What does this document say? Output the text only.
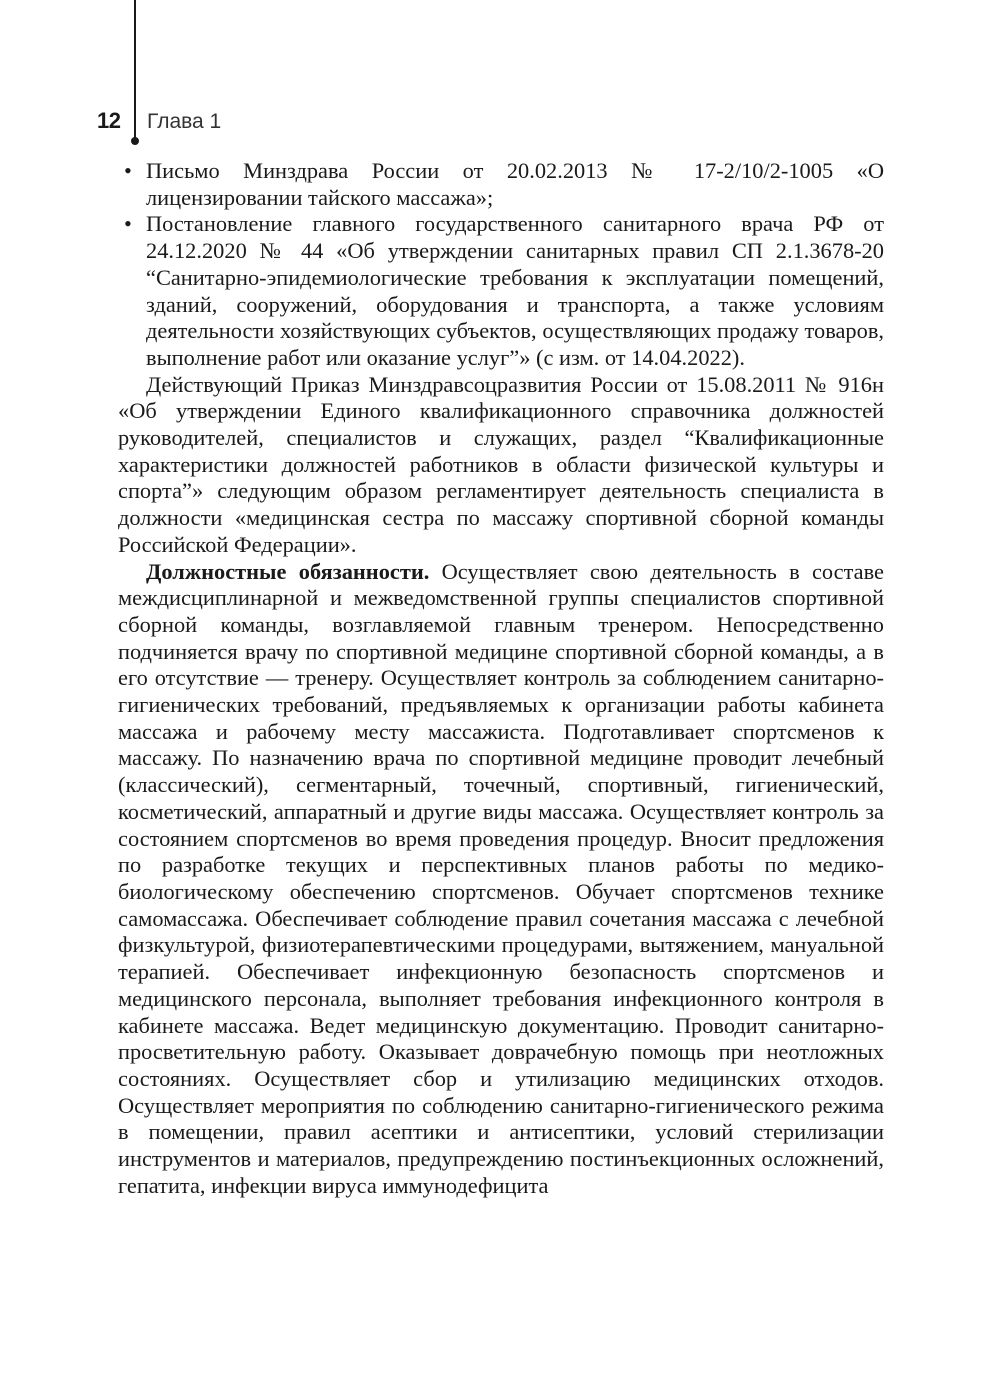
12 Глава 1
• Письмо Минздрава России от 20.02.2013 № 17-2/10/2-1005 «О лицензировании тайского массажа»;
• Постановление главного государственного санитарного врача РФ от 24.12.2020 № 44 «Об утверждении санитарных правил СП 2.1.3678-20 “Санитарно-эпидемиологические требования к эксплуатации помещений, зданий, сооружений, оборудования и транспорта, а также условиям деятельности хозяйствующих субъектов, осуществляющих продажу товаров, выполнение работ или оказание услуг”» (с изм. от 14.04.2022).

Действующий Приказ Минздравсоцразвития России от 15.08.2011 № 916н «Об утверждении Единого квалификационного справочника должностей руководителей, специалистов и служащих, раздел “Квалификационные характеристики должностей работников в области физической культуры и спорта”» следующим образом регламентирует деятельность специалиста в должности «медицинская сестра по массажу спортивной сборной команды Российской Федерации».

Должностные обязанности. Осуществляет свою деятельность в составе междисциплинарной и межведомственной группы специалистов спортивной сборной команды, возглавляемой главным тренером. Непосредственно подчиняется врачу по спортивной медицине спортивной сборной команды, а в его отсутствие — тренеру. Осуществляет контроль за соблюдением санитарно-гигиенических требований, предъявляемых к организации работы кабинета массажа и рабочему месту массажиста. Подготавливает спортсменов к массажу. По назначению врача по спортивной медицине проводит лечебный (классический), сегментарный, точечный, спортивный, гигиенический, косметический, аппаратный и другие виды массажа. Осуществляет контроль за состоянием спортсменов во время проведения процедур. Вносит предложения по разработке текущих и перспективных планов работы по медико-биологическому обеспечению спортсменов. Обучает спортсменов технике самомассажа. Обеспечивает соблюдение правил сочетания массажа с лечебной физкультурой, физиотерапевтическими процедурами, вытяжением, мануальной терапией. Обеспечивает инфекционную безопасность спортсменов и медицинского персонала, выполняет требования инфекционного контроля в кабинете массажа. Ведет медицинскую документацию. Проводит санитарно-просветительную работу. Оказывает доврачебную помощь при неотложных состояниях. Осуществляет сбор и утилизацию медицинских отходов. Осуществляет мероприятия по соблюдению санитарно-гигиенического режима в помещении, правил асептики и антисептики, условий стерилизации инструментов и материалов, предупреждению постинъекционных осложнений, гепатита, инфекции вируса иммунодефицита
